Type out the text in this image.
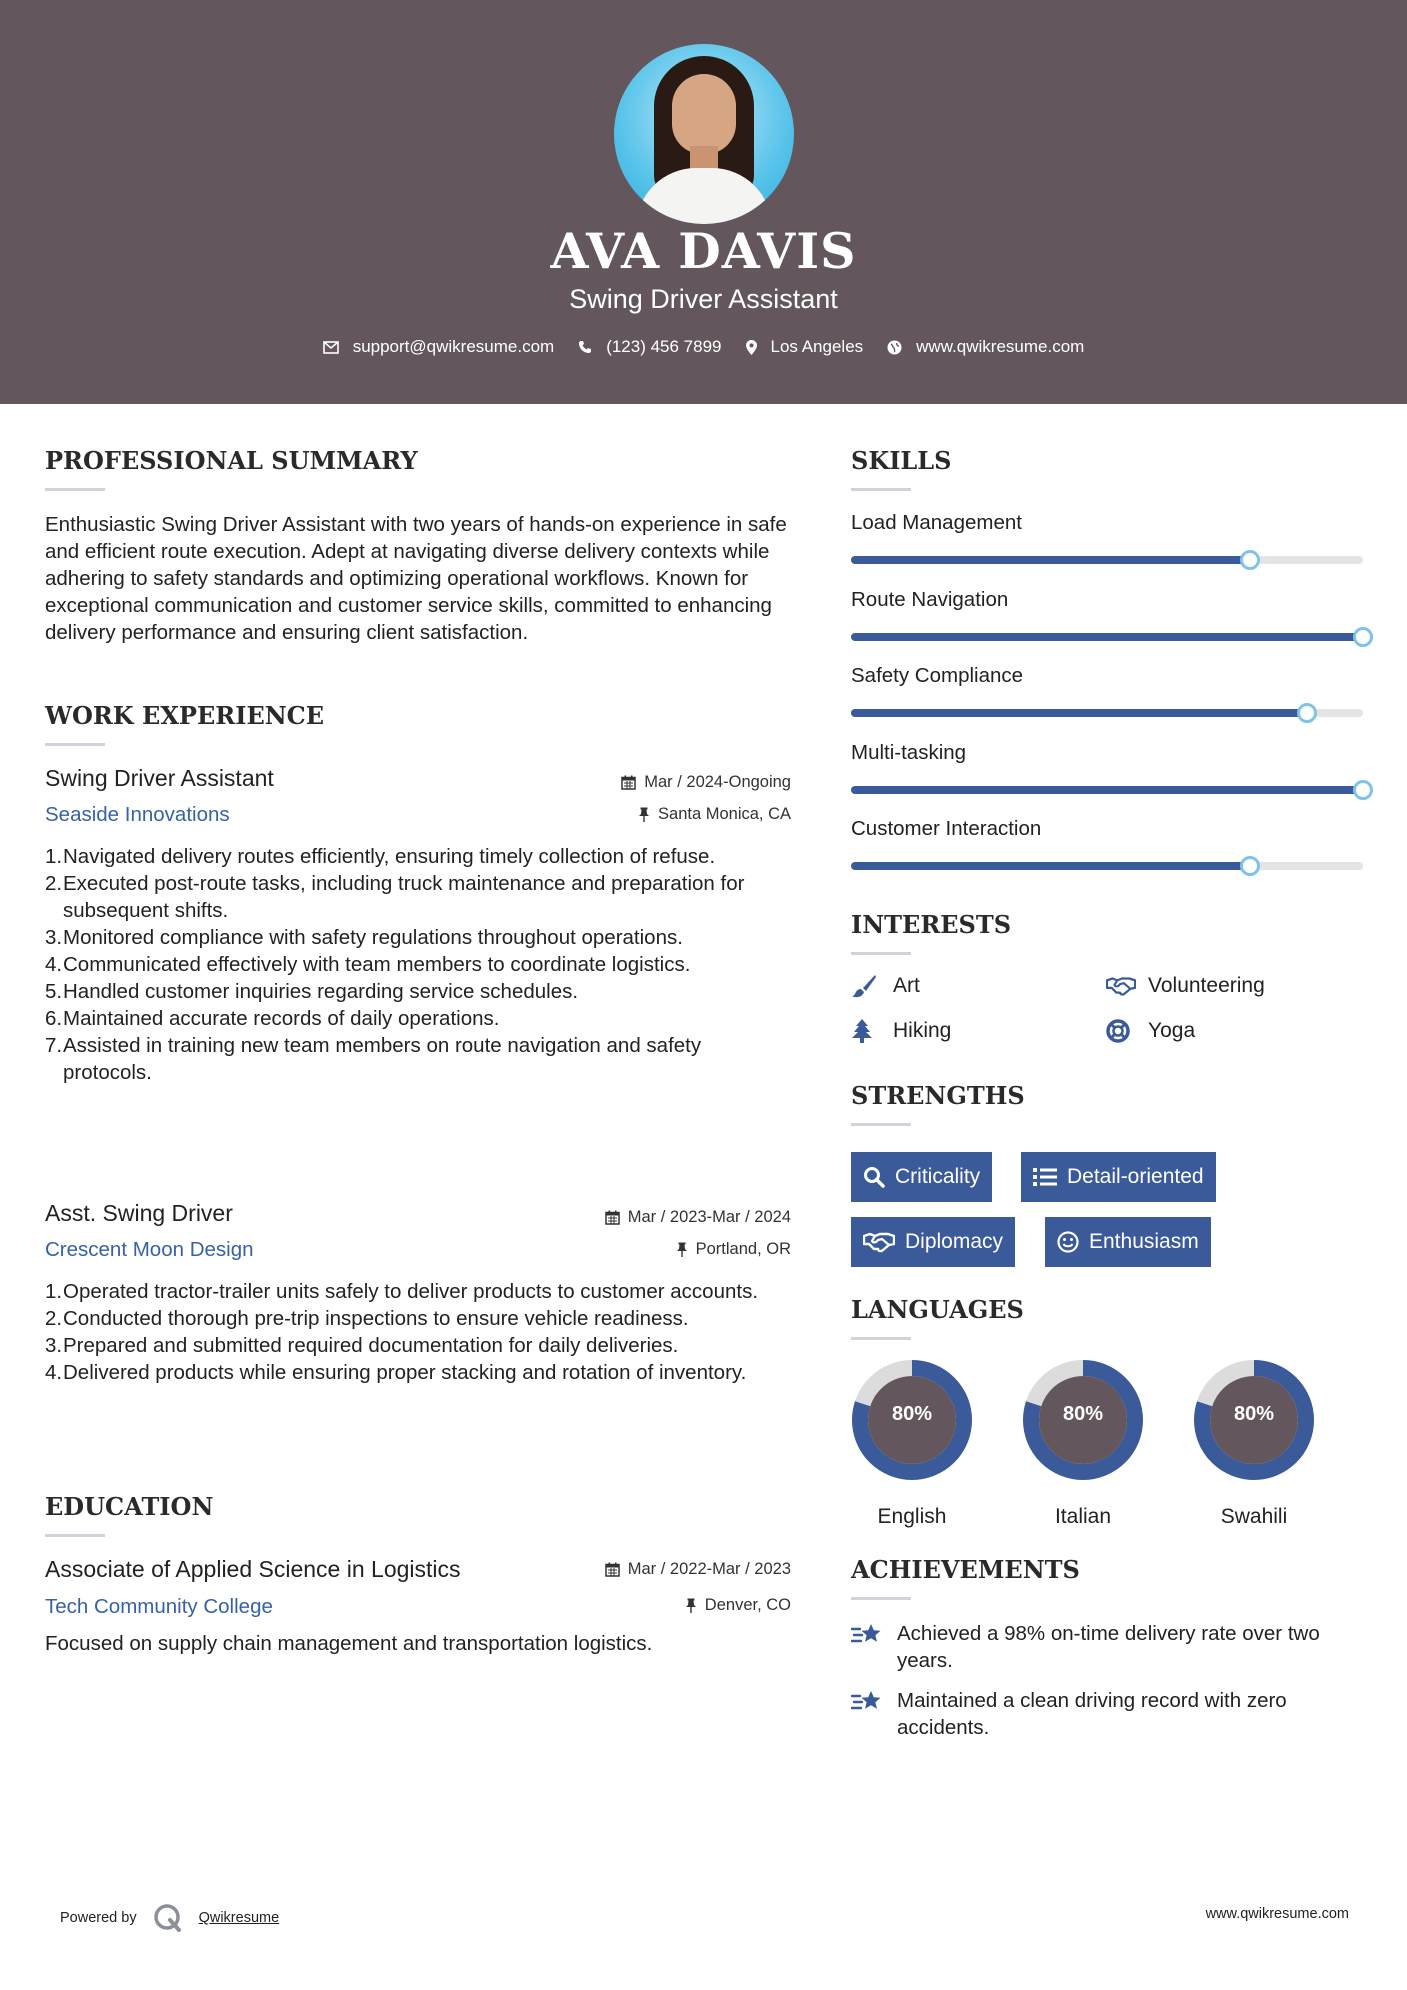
AVA DAVIS
Swing Driver Assistant
support@qwikresume.com	(123) 456 7899	Los Angeles	www.qwikresume.com
PROFESSIONAL SUMMARY
Enthusiastic Swing Driver Assistant with two years of hands-on experience in safe and efficient route execution. Adept at navigating diverse delivery contexts while adhering to safety standards and optimizing operational workflows. Known for exceptional communication and customer service skills, committed to enhancing delivery performance and ensuring client satisfaction.
WORK EXPERIENCE
Swing Driver Assistant	Mar / 2024-Ongoing
Seaside Innovations	Santa Monica, CA
1. Navigated delivery routes efficiently, ensuring timely collection of refuse.
2. Executed post-route tasks, including truck maintenance and preparation for subsequent shifts.
3. Monitored compliance with safety regulations throughout operations.
4. Communicated effectively with team members to coordinate logistics.
5. Handled customer inquiries regarding service schedules.
6. Maintained accurate records of daily operations.
7. Assisted in training new team members on route navigation and safety protocols.
Asst. Swing Driver	Mar / 2023-Mar / 2024
Crescent Moon Design	Portland, OR
1. Operated tractor-trailer units safely to deliver products to customer accounts.
2. Conducted thorough pre-trip inspections to ensure vehicle readiness.
3. Prepared and submitted required documentation for daily deliveries.
4. Delivered products while ensuring proper stacking and rotation of inventory.
EDUCATION
Associate of Applied Science in Logistics	Mar / 2022-Mar / 2023
Tech Community College	Denver, CO
Focused on supply chain management and transportation logistics.
SKILLS
Load Management
Route Navigation
Safety Compliance
Multi-tasking
Customer Interaction
INTERESTS
Art	Volunteering
Hiking	Yoga
STRENGTHS
Criticality	Detail-oriented
Diplomacy	Enthusiasm
LANGUAGES
80%
English
80%
Italian
80%
Swahili
ACHIEVEMENTS
Achieved a 98% on-time delivery rate over two years.
Maintained a clean driving record with zero accidents.
Powered by	Qwikresume	www.qwikresume.com
